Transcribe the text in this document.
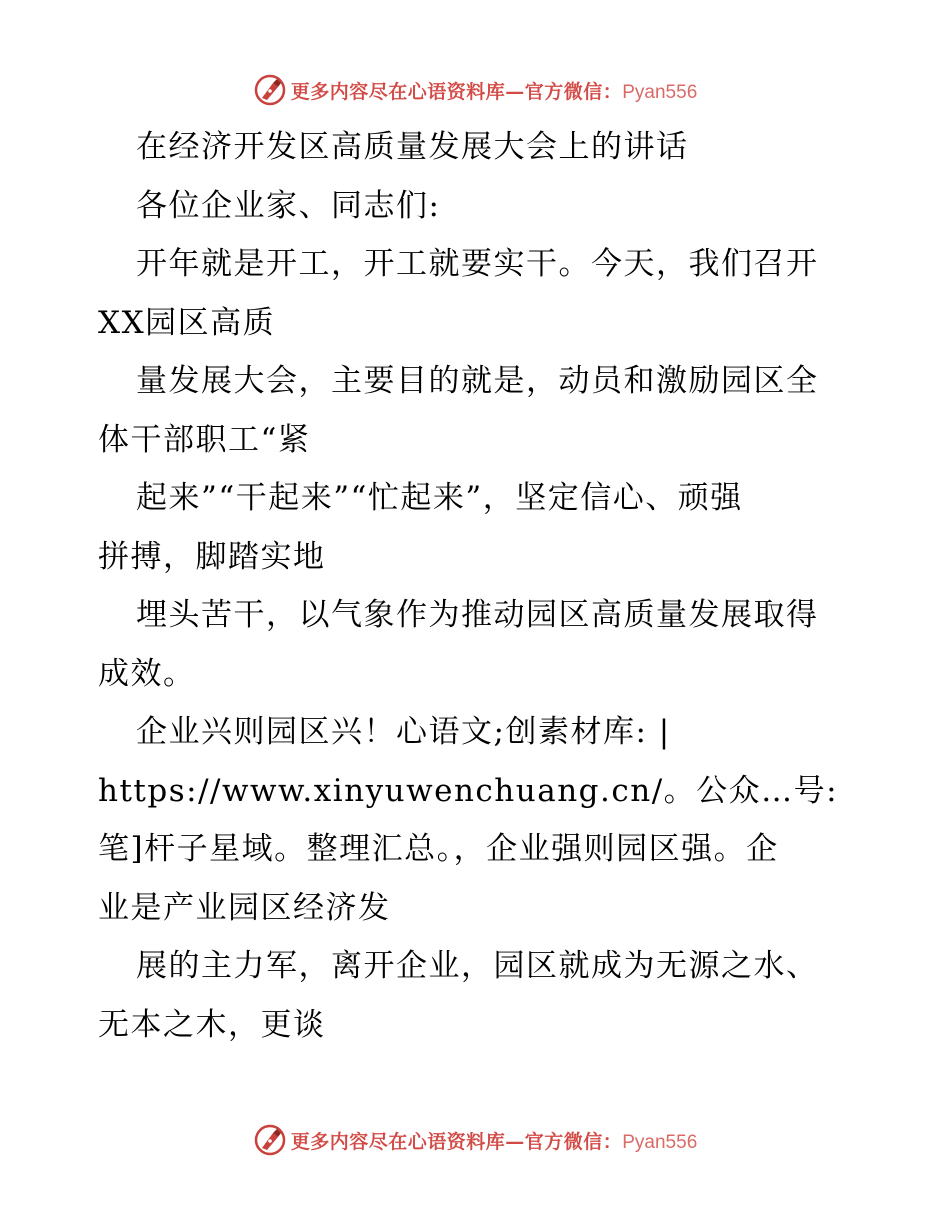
更多内容尽在心语资料库—官方微信：Pyan556

在经济开发区高质量发展大会上的讲话

各位企业家、同志们:

开年就是开工，开工就要实干。今天，我们召开

XX园区高质

量发展大会，主要目的就是，动员和激励园区全

体干部职工“紧

起来”“干起来”“忙起来”，坚定信心、顽强

拼搏，脚踏实地

埋头苦干，以气象作为推动园区高质量发展取得

成效。

企业兴则园区兴！心语文;创素材库: |

https://www.xinyuwenchuang.cn/。公众…号:

笔]杆子星域。整理汇总。，企业强则园区强。企

业是产业园区经济发

展的主力军，离开企业，园区就成为无源之水、

无本之木，更谈

更多内容尽在心语资料库—官方微信：Pyan556
